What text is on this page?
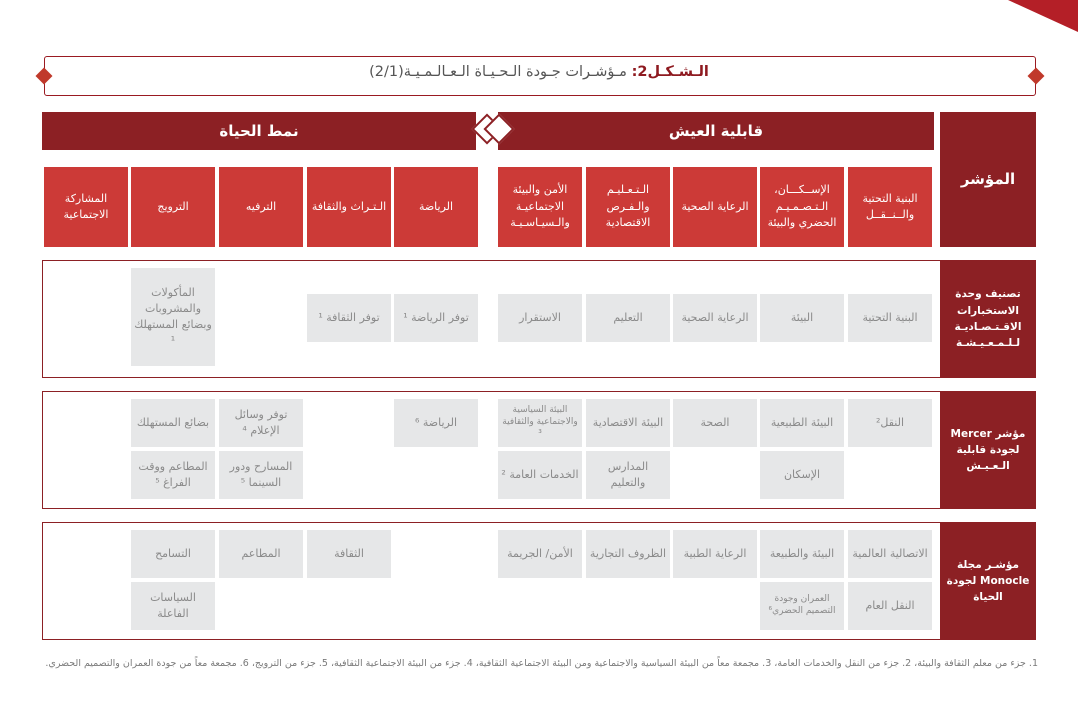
الـشـكـل2: مـؤشـرات جـودة الـحـيـاة الـعـالـمـيـة(2/1)
نمط الحياة	قابلية العيش
المؤشر
البنية التحتية والــنــقــل
الإســكـــان، الـتـصـمـيـم الحضري والبيئة
الرعاية الصحية
الـتـعـليـم والـفـرص الاقتصادية
الأمن والبيئة الاجتماعيـة والـسيـاسـيـة
الرياضة
الـتـراث والثقافة
الترفيه
الترويج
المشاركة الاجتماعية
تصنيف وحدة الاستخبارات الاقـتـصـاديـة لـلـمـعـيـشـة
البنية التحتية
البيئة
الرعاية الصحية
التعليم
الاستقرار
توفر الرياضة ¹
توفر الثقافة ¹
المأكولات والمشروبات وبضائع المستهلك ¹
مؤشر Mercer لجودة قابلية الـعـيـش
النقل²
البيئة الطبيعية
الإسكان
الصحة
البيئة الاقتصادية
المدارس والتعليم
البيئة السياسية والاجتماعية والثقافية ³
الخدمات العامة ²
الرياضة ⁶
توفر وسائل الإعلام ⁴
المسارح ودور السينما ⁵
بضائع المستهلك
المطاعم ووقت الفراغ ⁵
مؤشـر مجلة Monocle لجودة الحياة
الاتصالية العالمية
النقل العام
البيئة والطبيعة
العمران وجودة التصميم الحضري⁶
الرعاية الطبية
الظروف التجارية
الأمن/ الجريمة
الثقافة
المطاعم
التسامح
السياسات الفاعلة
1. جزء من معلم الثقافة والبيئة، 2. جزء من النقل والخدمات العامة، 3. مجمعة معاً من البيئة السياسية والاجتماعية ومن البيئة الاجتماعية الثقافية، 4. جزء من البيئة الاجتماعية الثقافية، 5. جزء من الترويج، 6. مجمعة معاً من جودة العمران والتصميم الحضري.
